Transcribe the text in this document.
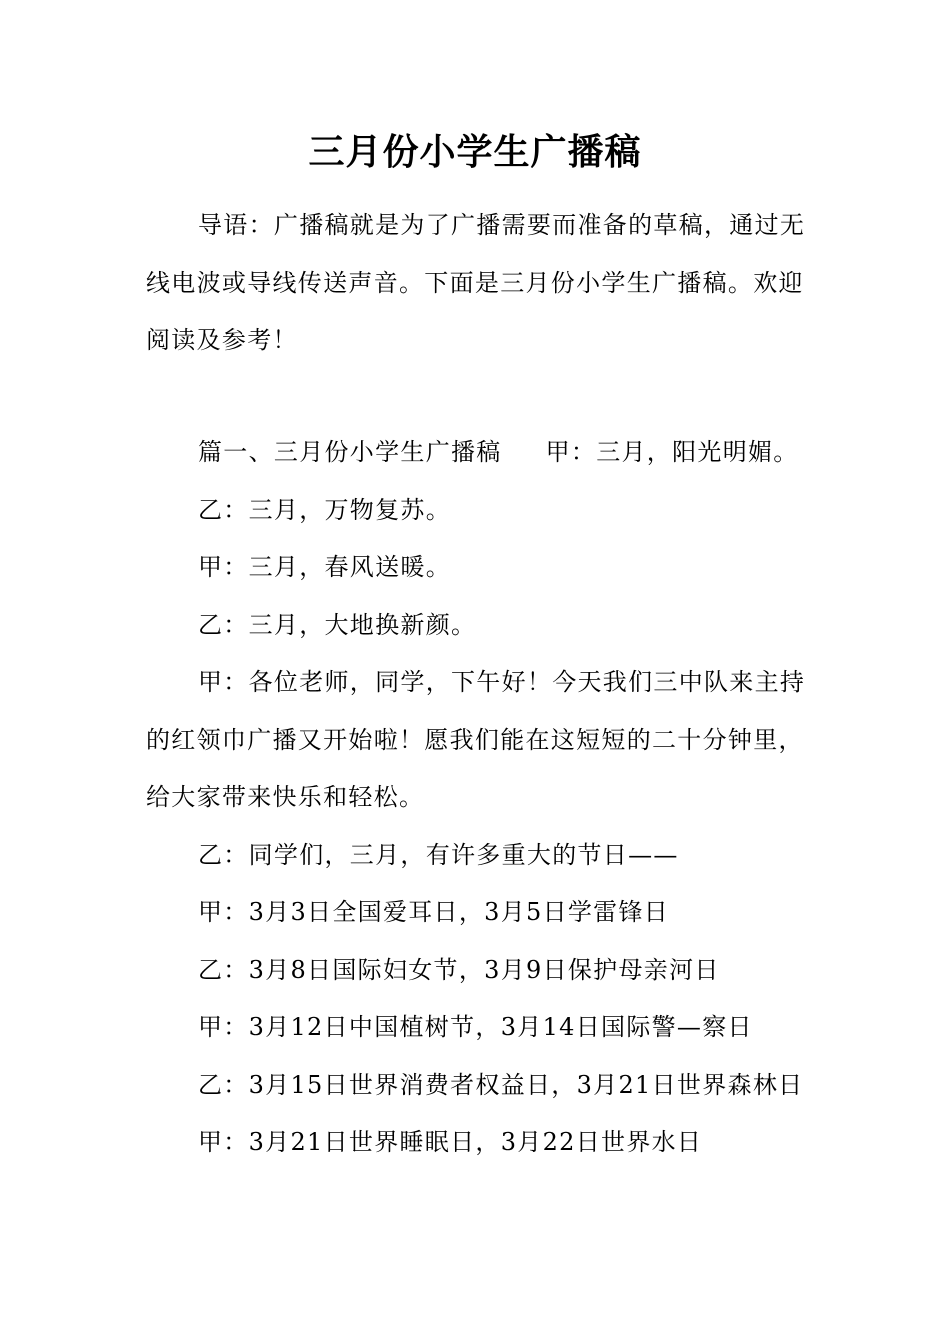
三月份小学生广播稿

导语：广播稿就是为了广播需要而准备的草稿，通过无线电波或导线传送声音。下面是三月份小学生广播稿。欢迎阅读及参考！

篇一、三月份小学生广播稿 甲：三月，阳光明媚。

乙：三月，万物复苏。

甲：三月，春风送暖。

乙：三月，大地换新颜。

甲：各位老师，同学，下午好！今天我们三中队来主持的红领巾广播又开始啦！愿我们能在这短短的二十分钟里，给大家带来快乐和轻松。

乙：同学们，三月，有许多重大的节日——

甲：3月3日全国爱耳日，3月5日学雷锋日

乙：3月8日国际妇女节，3月9日保护母亲河日

甲：3月12日中国植树节，3月14日国际警—察日

乙：3月15日世界消费者权益日，3月21日世界森林日

甲：3月21日世界睡眠日，3月22日世界水日
